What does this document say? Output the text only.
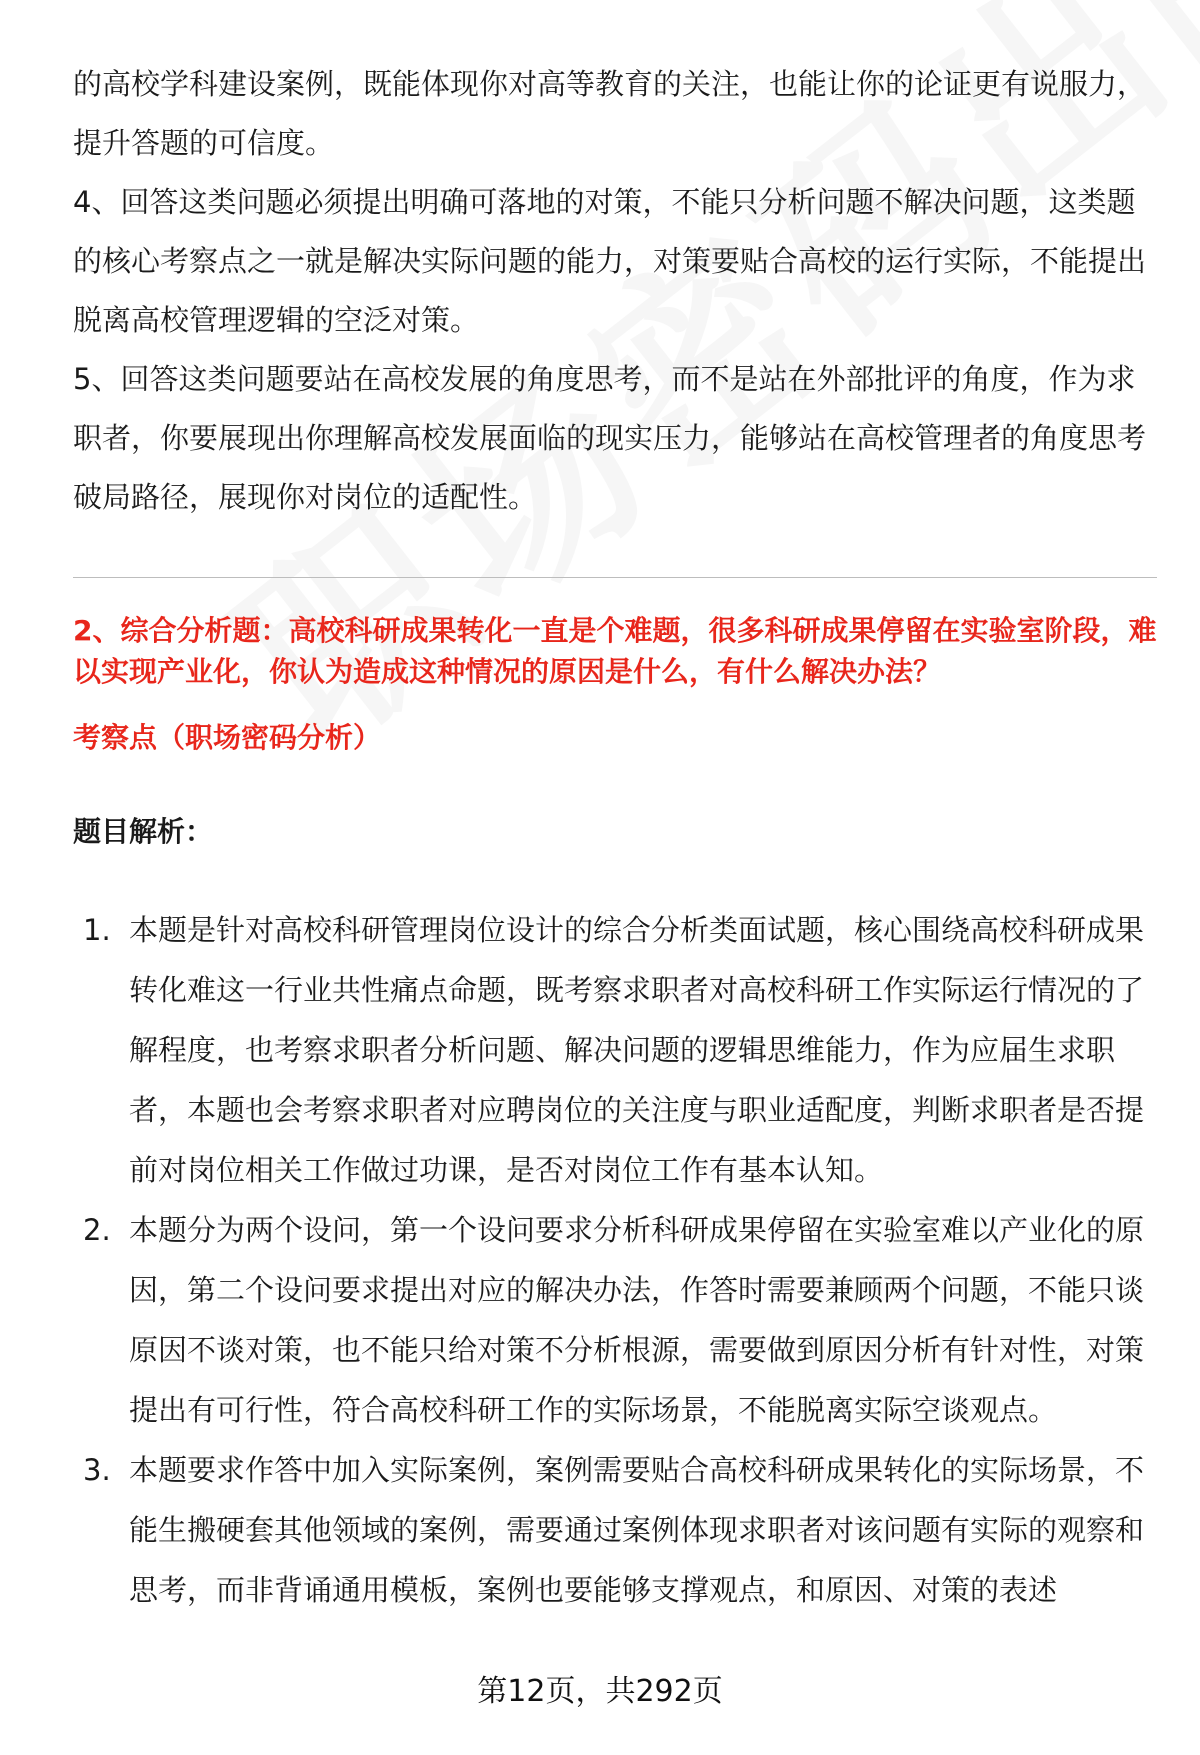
的高校学科建设案例，既能体现你对高等教育的关注，也能让你的论证更有说服力，提升答题的可信度。

4、回答这类问题必须提出明确可落地的对策，不能只分析问题不解决问题，这类题的核心考察点之一就是解决实际问题的能力，对策要贴合高校的运行实际，不能提出脱离高校管理逻辑的空泛对策。

5、回答这类问题要站在高校发展的角度思考，而不是站在外部批评的角度，作为求职者，你要展现出你理解高校发展面临的现实压力，能够站在高校管理者的角度思考破局路径，展现你对岗位的适配性。

2、综合分析题：高校科研成果转化一直是个难题，很多科研成果停留在实验室阶段，难以实现产业化，你认为造成这种情况的原因是什么，有什么解决办法？
考察点（职场密码分析）
题目解析：
1. 本题是针对高校科研管理岗位设计的综合分析类面试题，核心围绕高校科研成果转化难这一行业共性痛点命题，既考察求职者对高校科研工作实际运行情况的了解程度，也考察求职者分析问题、解决问题的逻辑思维能力，作为应届生求职者，本题也会考察求职者对应聘岗位的关注度与职业适配度，判断求职者是否提前对岗位相关工作做过功课，是否对岗位工作有基本认知。
2. 本题分为两个设问，第一个设问要求分析科研成果停留在实验室难以产业化的原因，第二个设问要求提出对应的解决办法，作答时需要兼顾两个问题，不能只谈原因不谈对策，也不能只给对策不分析根源，需要做到原因分析有针对性，对策提出有可行性，符合高校科研工作的实际场景，不能脱离实际空谈观点。
3. 本题要求作答中加入实际案例，案例需要贴合高校科研成果转化的实际场景，不能生搬硬套其他领域的案例，需要通过案例体现求职者对该问题有实际的观察和思考，而非背诵通用模板，案例也要能够支撑观点，和原因、对策的表述
第12页，共292页
